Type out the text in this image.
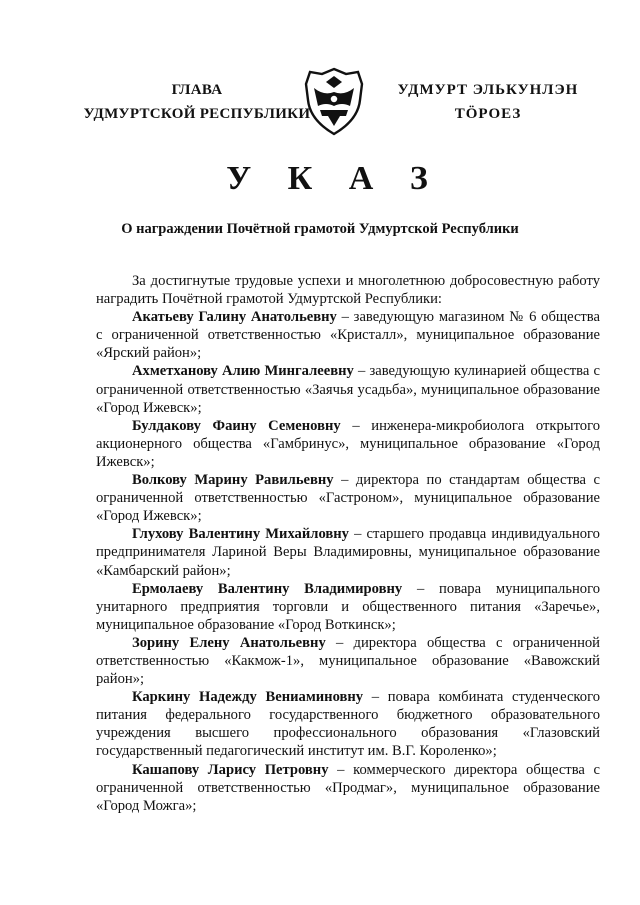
ГЛАВА
УДМУРТСКОЙ РЕСПУБЛИКИ
УДМУРТ ЭЛЬКУНЛЭН
ТӦРОЕЗ
У К А З
О награждении Почётной грамотой Удмуртской Республики

За достигнутые трудовые успехи и многолетнюю добросовестную работу наградить Почётной грамотой Удмуртской Республики:

Акатьеву Галину Анатольевну – заведующую магазином № 6 общества с ограниченной ответственностью «Кристалл», муниципальное образование «Ярский район»;

Ахметханову Алию Мингалеевну – заведующую кулинарией общества с ограниченной ответственностью «Заячья усадьба», муниципальное образование «Город Ижевск»;

Булдакову Фаину Семеновну – инженера-микробиолога открытого акционерного общества «Гамбринус», муниципальное образование «Город Ижевск»;

Волкову Марину Равильевну – директора по стандартам общества с ограниченной ответственностью «Гастроном», муниципальное образование «Город Ижевск»;

Глухову Валентину Михайловну – старшего продавца индивидуального предпринимателя Лариной Веры Владимировны, муниципальное образование «Камбарский район»;

Ермолаеву Валентину Владимировну – повара муниципального унитарного предприятия торговли и общественного питания «Заречье», муниципальное образование «Город Воткинск»;

Зорину Елену Анатольевну – директора общества с ограниченной ответственностью «Какмож-1», муниципальное образование «Вавожский район»;

Каркину Надежду Вениаминовну – повара комбината студенческого питания федерального государственного бюджетного образовательного учреждения высшего профессионального образования «Глазовский государственный педагогический институт им. В.Г. Короленко»;

Кашапову Ларису Петровну – коммерческого директора общества с ограниченной ответственностью «Продмаг», муниципальное образование «Город Можга»;
